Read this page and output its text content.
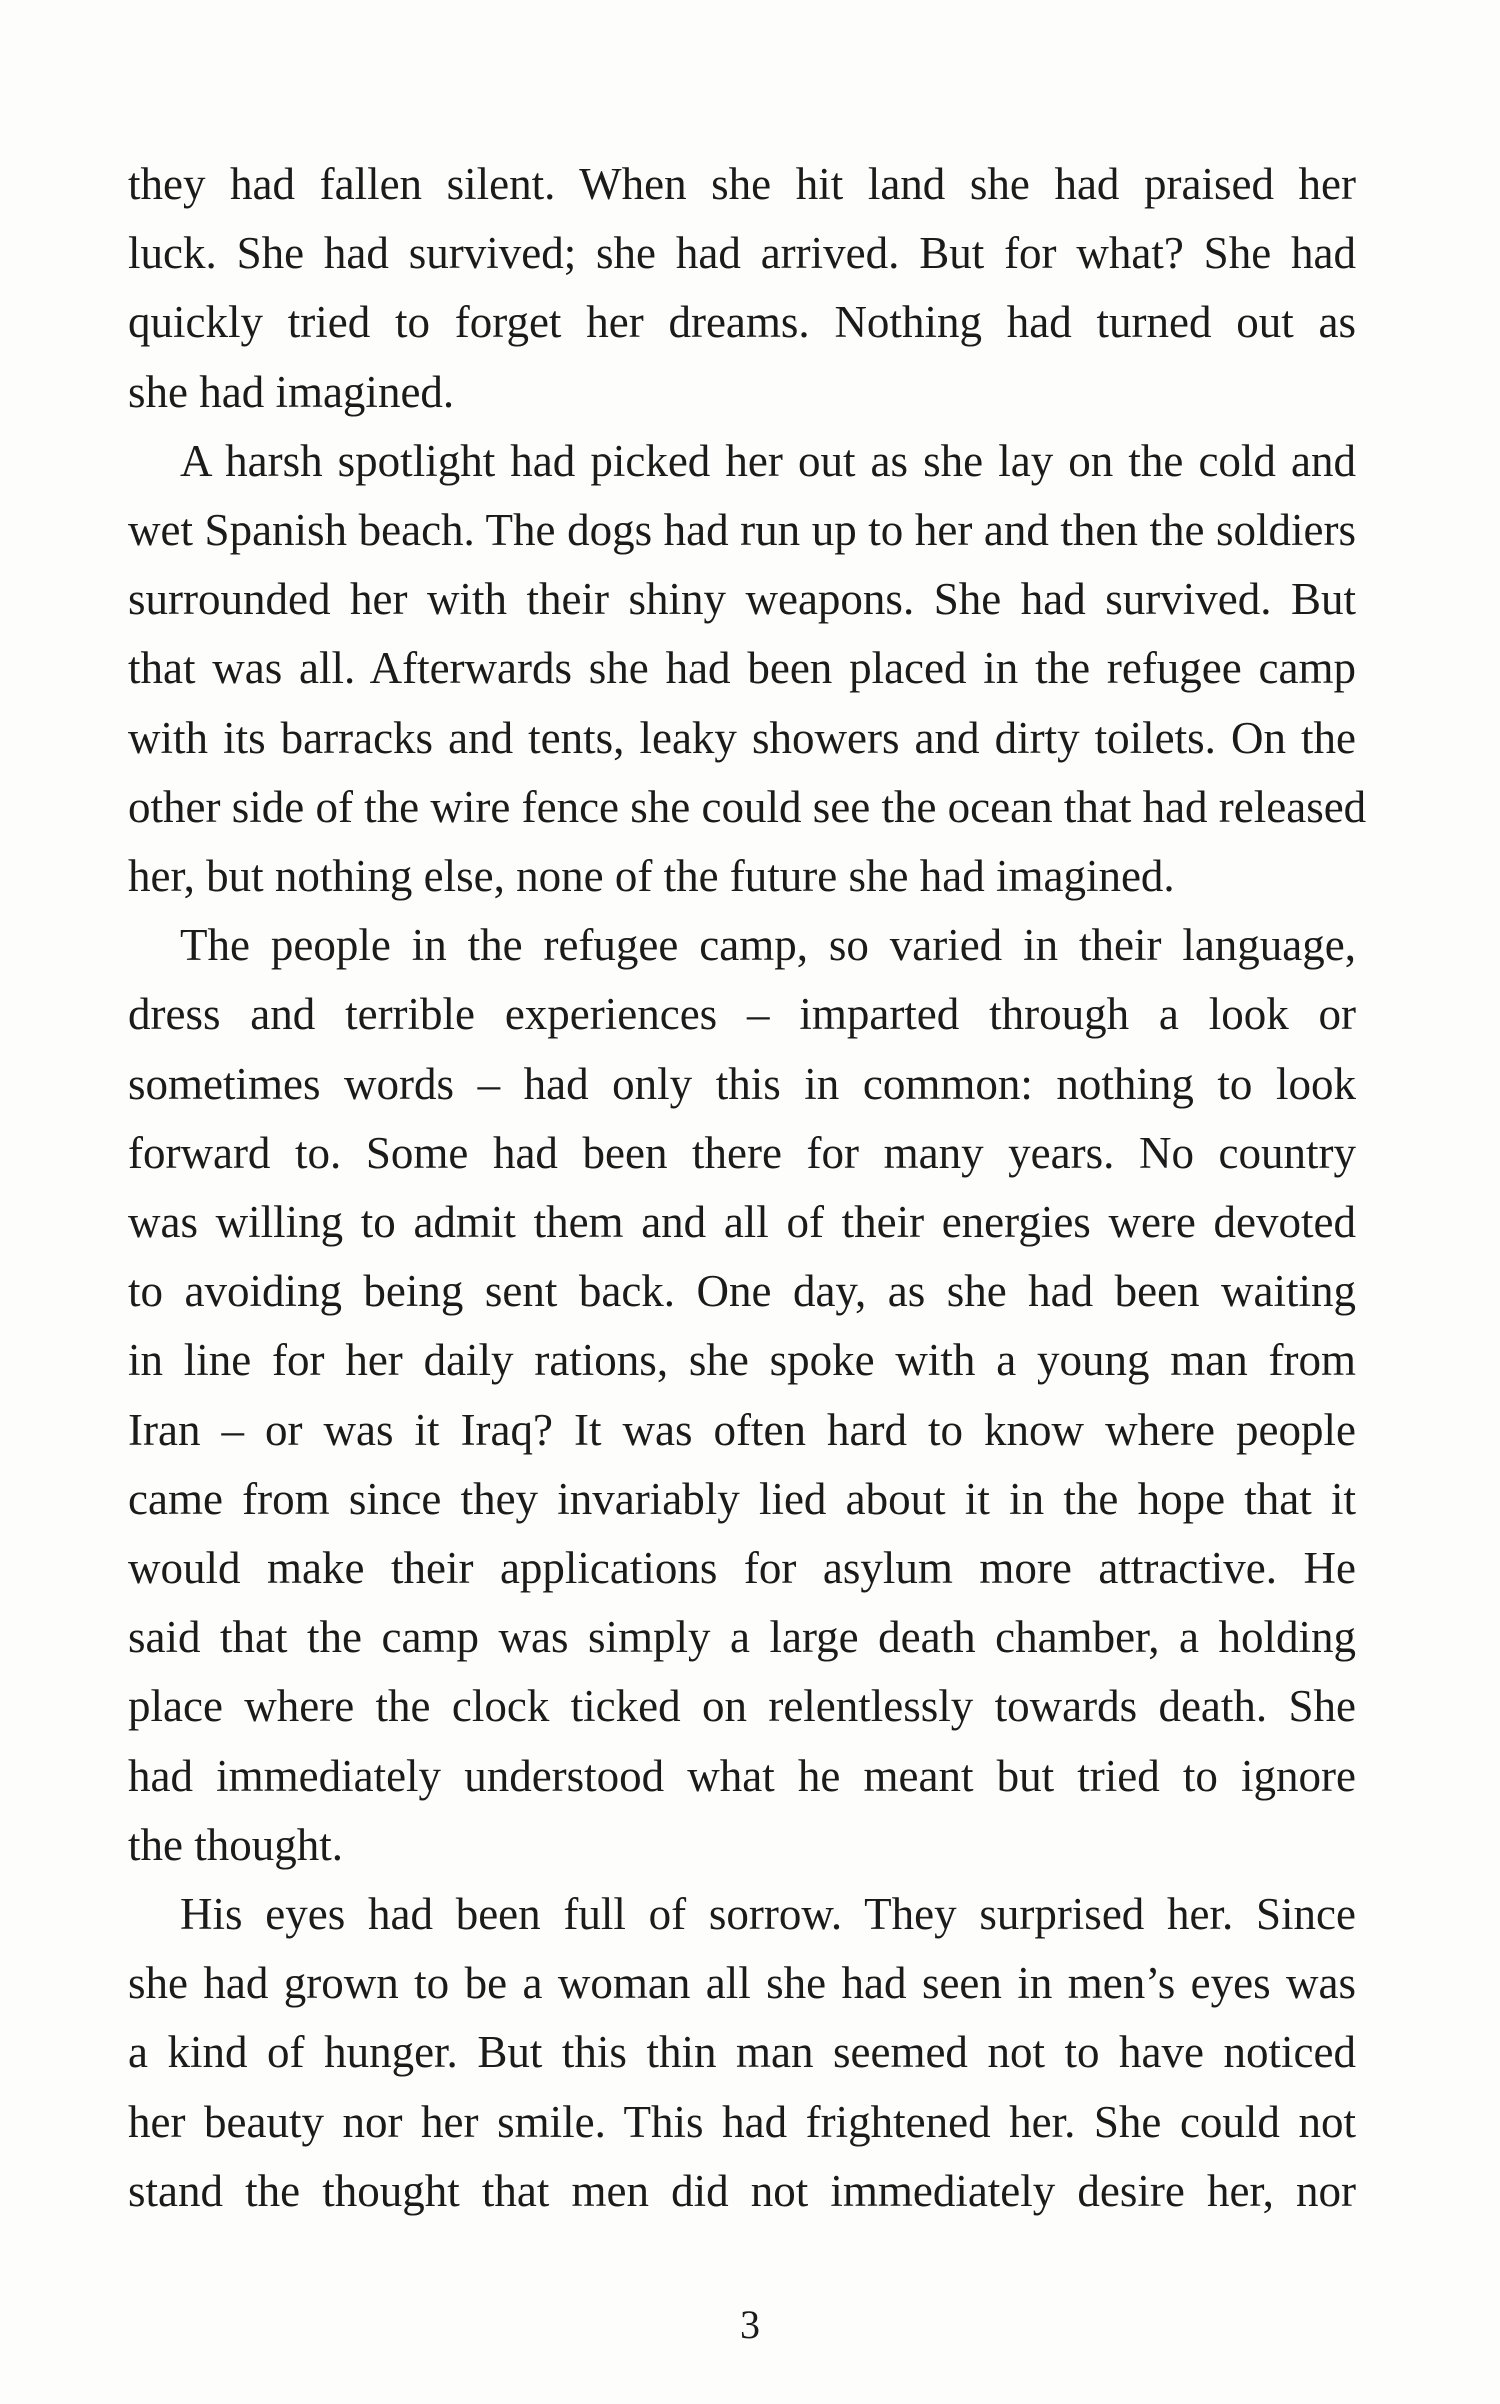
they had fallen silent. When she hit land she had praised her
luck. She had survived; she had arrived. But for what? She had
quickly tried to forget her dreams. Nothing had turned out as
she had imagined.

A harsh spotlight had picked her out as she lay on the cold and
wet Spanish beach. The dogs had run up to her and then the soldiers
surrounded her with their shiny weapons. She had survived. But
that was all. Afterwards she had been placed in the refugee camp
with its barracks and tents, leaky showers and dirty toilets. On the
other side of the wire fence she could see the ocean that had released
her, but nothing else, none of the future she had imagined.

The people in the refugee camp, so varied in their language,
dress and terrible experiences – imparted through a look or
sometimes words – had only this in common: nothing to look
forward to. Some had been there for many years. No country
was willing to admit them and all of their energies were devoted
to avoiding being sent back. One day, as she had been waiting
in line for her daily rations, she spoke with a young man from
Iran – or was it Iraq? It was often hard to know where people
came from since they invariably lied about it in the hope that it
would make their applications for asylum more attractive. He
said that the camp was simply a large death chamber, a holding
place where the clock ticked on relentlessly towards death. She
had immediately understood what he meant but tried to ignore
the thought.

His eyes had been full of sorrow. They surprised her. Since
she had grown to be a woman all she had seen in men’s eyes was
a kind of hunger. But this thin man seemed not to have noticed
her beauty nor her smile. This had frightened her. She could not
stand the thought that men did not immediately desire her, nor

3
